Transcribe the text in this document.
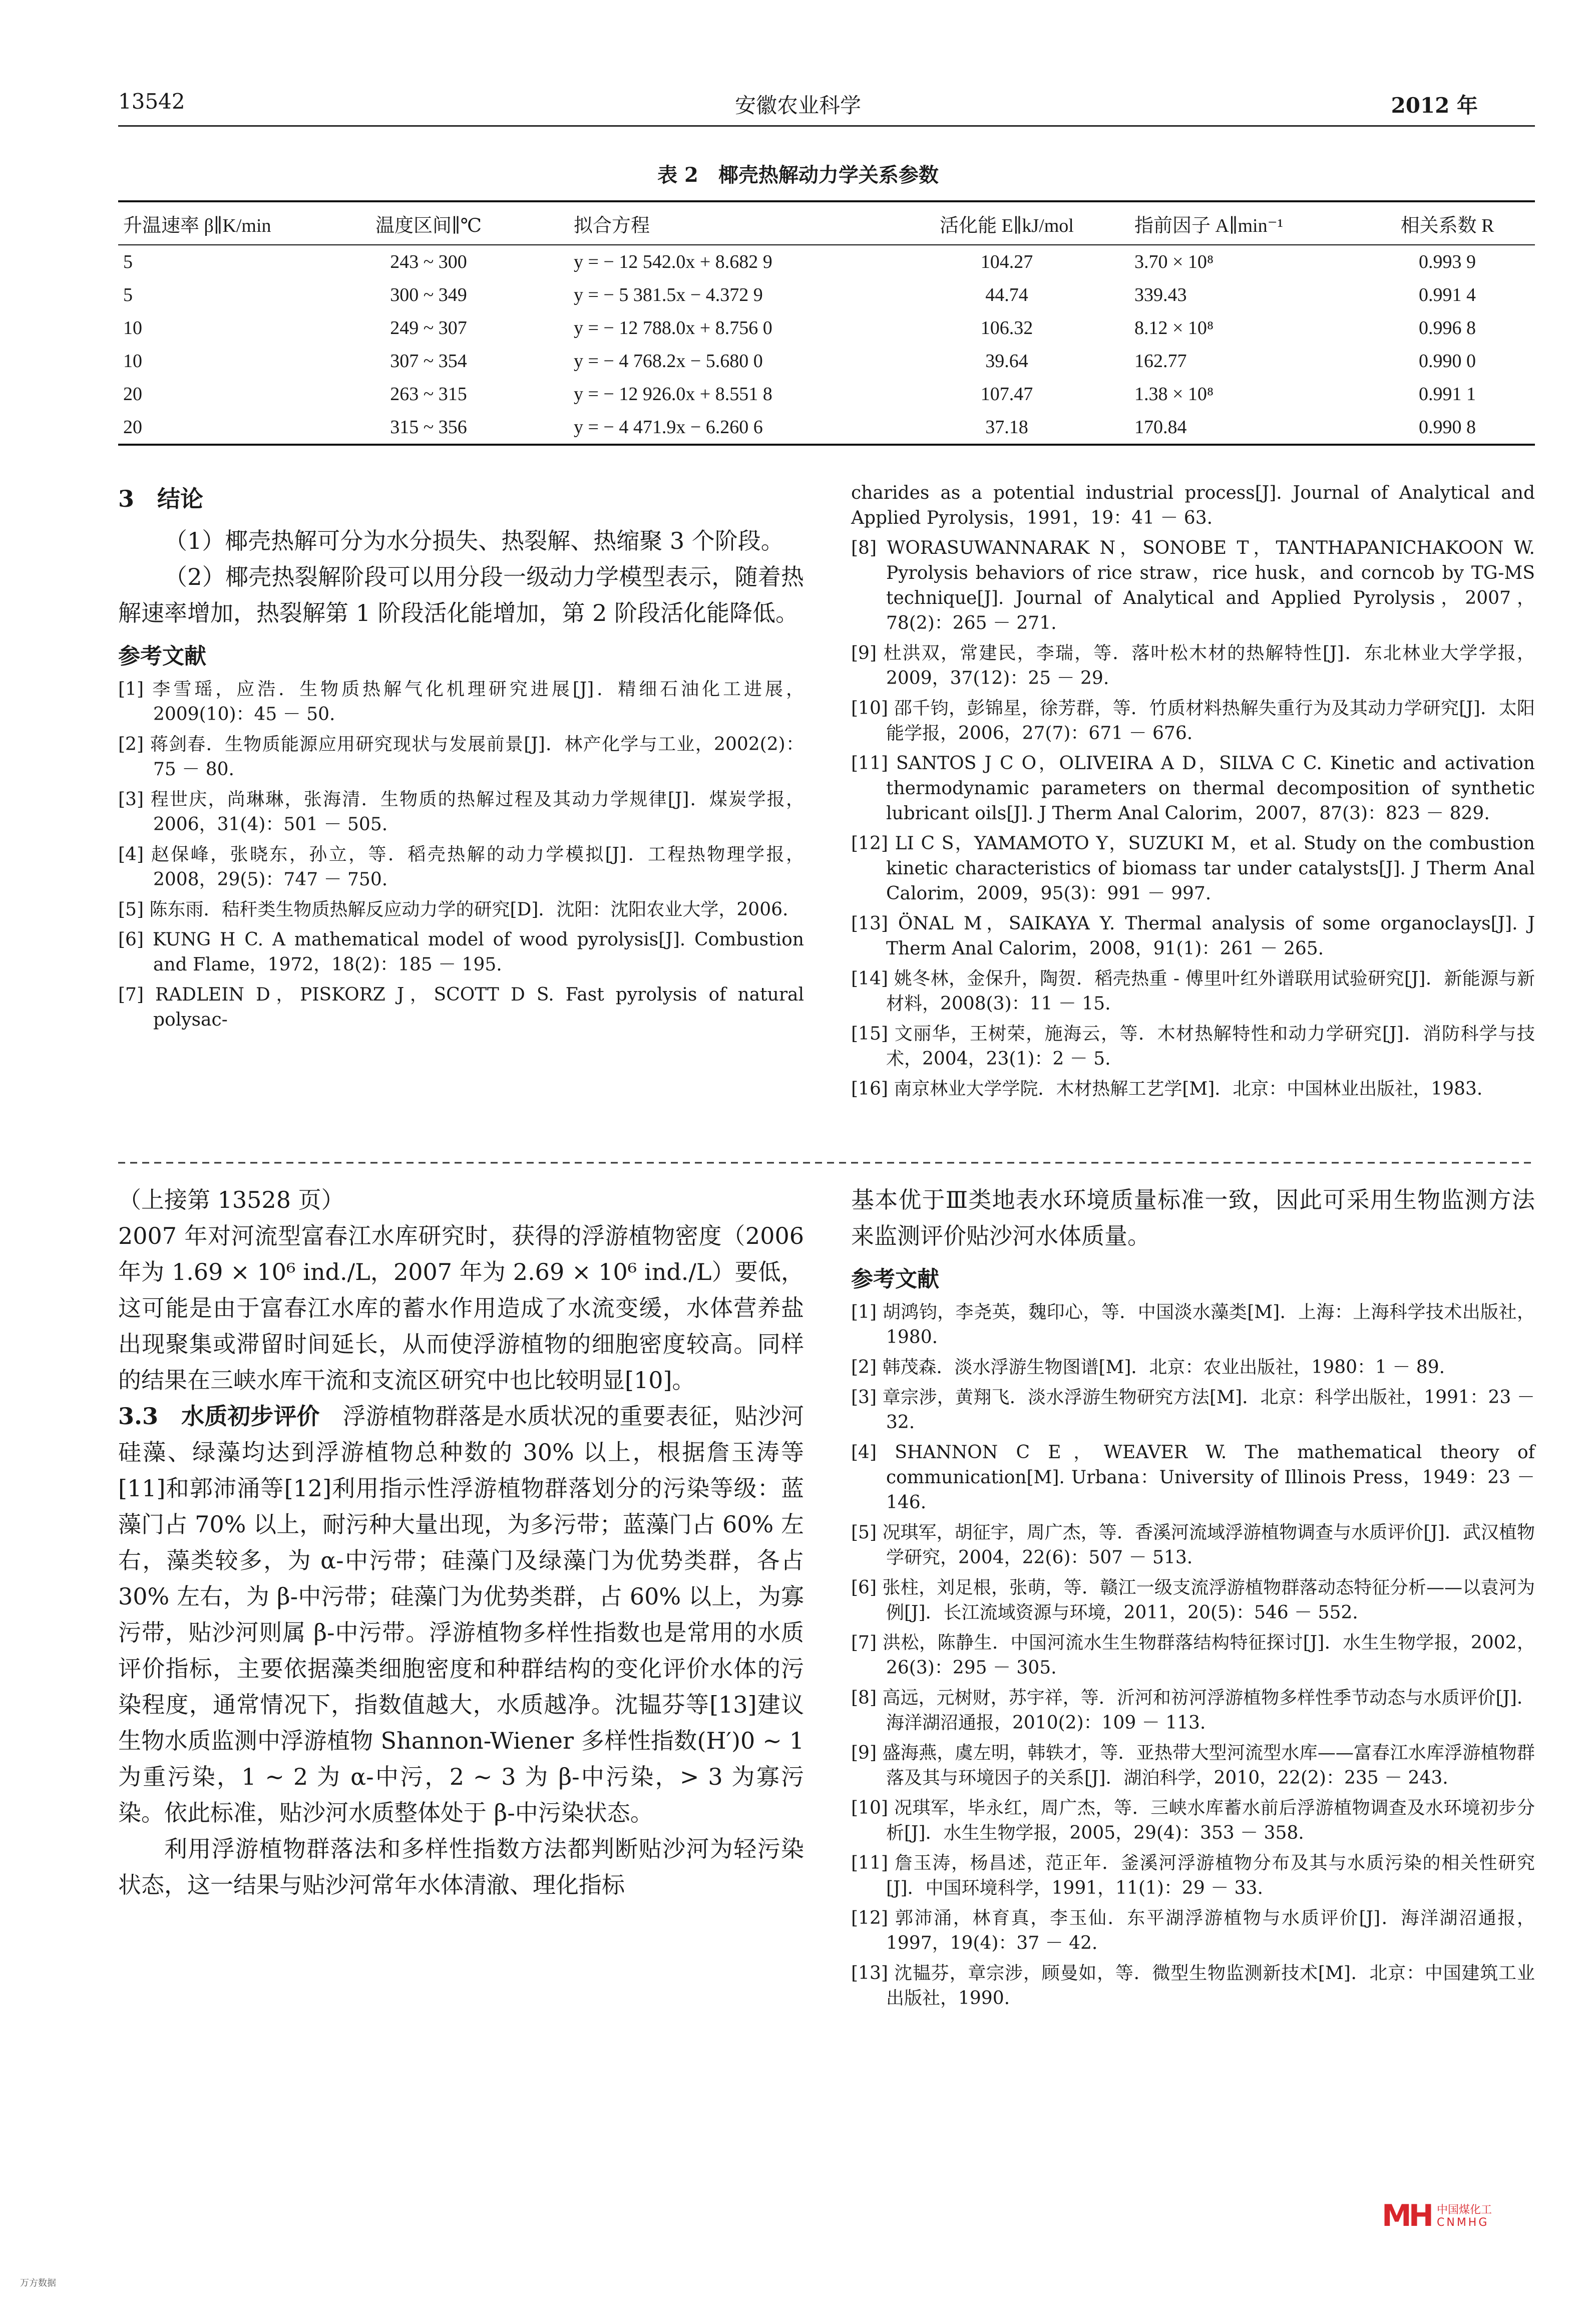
13542	安徽农业科学	2012 年
表 2　椰壳热解动力学关系参数
升温速率 β∥K/min	温度区间∥℃	拟合方程	活化能 E∥kJ/mol	指前因子 A∥min⁻¹	相关系数 R
5	243 ~ 300	y = − 12 542.0x + 8.682 9	104.27	3.70 × 10⁸	0.993 9
5	300 ~ 349	y = − 5 381.5x − 4.372 9	44.74	339.43	0.991 4
10	249 ~ 307	y = − 12 788.0x + 8.756 0	106.32	8.12 × 10⁸	0.996 8
10	307 ~ 354	y = − 4 768.2x − 5.680 0	39.64	162.77	0.990 0
20	263 ~ 315	y = − 12 926.0x + 8.551 8	107.47	1.38 × 10⁸	0.991 1
20	315 ~ 356	y = − 4 471.9x − 6.260 6	37.18	170.84	0.990 8
3　结论

（1）椰壳热解可分为水分损失、热裂解、热缩聚 3 个阶段。

（2）椰壳热裂解阶段可以用分段一级动力学模型表示，随着热解速率增加，热裂解第 1 阶段活化能增加，第 2 阶段活化能降低。

参考文献

[1] 李雪瑶，应浩．生物质热解气化机理研究进展[J]．精细石油化工进展，2009(10)：45 － 50.

[2] 蒋剑春．生物质能源应用研究现状与发展前景[J]．林产化学与工业，2002(2)：75 － 80.

[3] 程世庆，尚琳琳，张海清．生物质的热解过程及其动力学规律[J]．煤炭学报，2006，31(4)：501 － 505.

[4] 赵保峰，张晓东，孙立，等．稻壳热解的动力学模拟[J]．工程热物理学报，2008，29(5)：747 － 750.

[5] 陈东雨．秸秆类生物质热解反应动力学的研究[D]．沈阳：沈阳农业大学，2006.

[6] KUNG H C. A mathematical model of wood pyrolysis[J]. Combustion and Flame，1972，18(2)：185 － 195.

[7] RADLEIN D，PISKORZ J，SCOTT D S. Fast pyrolysis of natural polysac-

charides as a potential industrial process[J]. Journal of Analytical and Applied Pyrolysis，1991，19：41 － 63.

[8] WORASUWANNARAK N，SONOBE T，TANTHAPANICHAKOON W. Pyrolysis behaviors of rice straw，rice husk，and corncob by TG-MS technique[J]. Journal of Analytical and Applied Pyrolysis，2007，78(2)：265 － 271.

[9] 杜洪双，常建民，李瑞，等．落叶松木材的热解特性[J]．东北林业大学学报，2009，37(12)：25 － 29.

[10] 邵千钧，彭锦星，徐芳群，等．竹质材料热解失重行为及其动力学研究[J]．太阳能学报，2006，27(7)：671 － 676.

[11] SANTOS J C O，OLIVEIRA A D，SILVA C C. Kinetic and activation thermodynamic parameters on thermal decomposition of synthetic lubricant oils[J]. J Therm Anal Calorim，2007，87(3)：823 － 829.

[12] LI C S，YAMAMOTO Y，SUZUKI M，et al. Study on the combustion kinetic characteristics of biomass tar under catalysts[J]. J Therm Anal Calorim，2009，95(3)：991 － 997.

[13] ÖNAL M，SAIKAYA Y. Thermal analysis of some organoclays[J]. J Therm Anal Calorim，2008，91(1)：261 － 265.

[14] 姚冬林，金保升，陶贺．稻壳热重 - 傅里叶红外谱联用试验研究[J]．新能源与新材料，2008(3)：11 － 15.

[15] 文丽华，王树荣，施海云，等．木材热解特性和动力学研究[J]．消防科学与技术，2004，23(1)：2 － 5.

[16] 南京林业大学学院．木材热解工艺学[M]．北京：中国林业出版社，1983.

（上接第 13528 页）

2007 年对河流型富春江水库研究时，获得的浮游植物密度（2006 年为 1.69 × 10⁶ ind./L，2007 年为 2.69 × 10⁶ ind./L）要低，这可能是由于富春江水库的蓄水作用造成了水流变缓，水体营养盐出现聚集或滞留时间延长，从而使浮游植物的细胞密度较高。同样的结果在三峡水库干流和支流区研究中也比较明显[10]。

3.3　水质初步评价　 浮游植物群落是水质状况的重要表征，贴沙河硅藻、绿藻均达到浮游植物总种数的 30% 以上，根据詹玉涛等[11]和郭沛涌等[12]利用指示性浮游植物群落划分的污染等级：蓝藻门占 70% 以上，耐污种大量出现，为多污带；蓝藻门占 60% 左右，藻类较多，为 α-中污带；硅藻门及绿藻门为优势类群，各占 30% 左右，为 β-中污带；硅藻门为优势类群，占 60% 以上，为寡污带，贴沙河则属 β-中污带。浮游植物多样性指数也是常用的水质评价指标，主要依据藻类细胞密度和种群结构的变化评价水体的污染程度，通常情况下，指数值越大，水质越净。沈韫芬等[13]建议生物水质监测中浮游植物 Shannon-Wiener 多样性指数(H′)0 ~ 1 为重污染，1 ~ 2 为 α-中污，2 ~ 3 为 β-中污染，> 3 为寡污染。依此标准，贴沙河水质整体处于 β-中污染状态。

利用浮游植物群落法和多样性指数方法都判断贴沙河为轻污染状态，这一结果与贴沙河常年水体清澈、理化指标

基本优于Ⅲ类地表水环境质量标准一致，因此可采用生物监测方法来监测评价贴沙河水体质量。

参考文献

[1] 胡鸿钧，李尧英，魏印心，等．中国淡水藻类[M]．上海：上海科学技术出版社，1980.

[2] 韩茂森．淡水浮游生物图谱[M]．北京：农业出版社，1980：1 － 89.

[3] 章宗涉，黄翔飞．淡水浮游生物研究方法[M]．北京：科学出版社，1991：23 － 32.

[4] SHANNON C E，WEAVER W. The mathematical theory of communication[M]. Urbana：University of Illinois Press，1949：23 － 146.

[5] 况琪军，胡征宇，周广杰，等．香溪河流域浮游植物调查与水质评价[J]．武汉植物学研究，2004，22(6)：507 － 513.

[6] 张柱，刘足根，张萌，等．赣江一级支流浮游植物群落动态特征分析——以袁河为例[J]．长江流域资源与环境，2011，20(5)：546 － 552.

[7] 洪松，陈静生．中国河流水生生物群落结构特征探讨[J]．水生生物学报，2002，26(3)：295 － 305.

[8] 高远，元树财，苏宇祥，等．沂河和祊河浮游植物多样性季节动态与水质评价[J]．海洋湖沼通报，2010(2)：109 － 113.

[9] 盛海燕，虞左明，韩轶才，等．亚热带大型河流型水库——富春江水库浮游植物群落及其与环境因子的关系[J]．湖泊科学，2010，22(2)：235 － 243.

[10] 况琪军，毕永红，周广杰，等．三峡水库蓄水前后浮游植物调查及水环境初步分析[J]．水生生物学报，2005，29(4)：353 － 358.

[11] 詹玉涛，杨昌述，范正年．釜溪河浮游植物分布及其与水质污染的相关性研究[J]．中国环境科学，1991，11(1)：29 － 33.

[12] 郭沛涌，林育真，李玉仙．东平湖浮游植物与水质评价[J]．海洋湖沼通报，1997，19(4)：37 － 42.

[13] 沈韫芬，章宗涉，顾曼如，等．微型生物监测新技术[M]．北京：中国建筑工业出版社，1990.

MH 中国煤化工
CNMHG
万方数据
